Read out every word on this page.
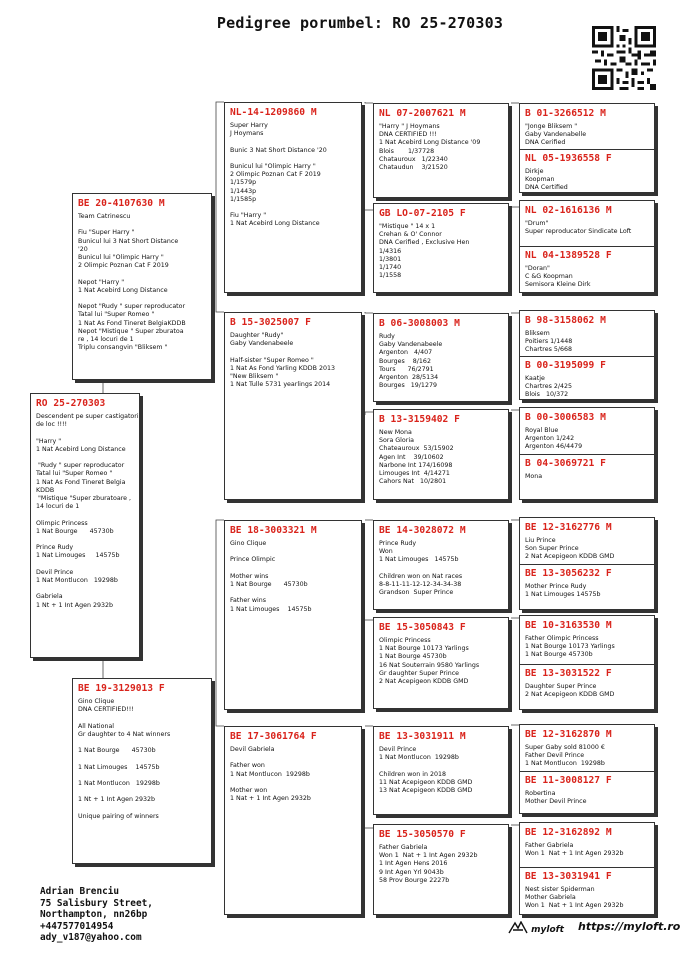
Pedigree porumbel: RO 25-270303
RO 25-270303
Descendent pe super castigatori
de loc !!!!

"Harry "
1 Nat Acebird Long Distance

"Rudy " super reproducator
Tatal lui "Super Romeo "
1 Nat As Fond Tineret Belgia
KDDB
"Mistique "Super zburatoare ,
14 locuri de 1

Olimpic Princess
1 Nat Bourge      45730b

Prince Rudy
1 Nat Limouges     14575b

Devil Prince
1 Nat Montlucon   19298b

Gabriela
1 Nt + 1 Int Agen 2932b
BE 20-4107630 M
Team Catrinescu

Fiu "Super Harry "
Bunicul lui 3 Nat Short Distance
'20
Bunicul lui "Olimpic Harry "
2 Olimpic Poznan Cat F 2019

Nepot "Harry "
1 Nat Acebird Long Distance

Nepot "Rudy " super reproducator
Tatal lui "Super Romeo "
1 Nat As Fond Tineret BelgiaKDDB
Nepot "Mistique " Super zburatoa
re , 14 locuri de 1
Triplu consangvin "Bliksem "
BE 19-3129013 F
Gino Clique
DNA CERTIFIED!!!

All National
Gr daughter to 4 Nat winners

1 Nat Bourge      45730b

1 Nat Limouges    14575b

1 Nat Montlucon   19298b

1 Nt + 1 Int Agen 2932b

Unique pairing of winners
NL-14-1209860 M
Super Harry
J Hoymans

Bunic 3 Nat Short Distance '20

Bunicul lui "Olimpic Harry "
2 Olimpic Poznan Cat F 2019
1/1579p
1/1443p
1/1585p

Fiu "Harry "
1 Nat Acebird Long Distance
B 15-3025007 F
Daughter "Rudy"
Gaby Vandenabeele

Half-sister "Super Romeo "
1 Nat As Fond Yarling KDDB 2013
"New Bliksem "
1 Nat Tulle 5731 yearlings 2014
BE 18-3003321 M
Gino Clique

Prince Olimpic

Mother wins
1 Nat Bourge      45730b

Father wins
1 Nat Limouges    14575b
BE 17-3061764 F
Devil Gabriela

Father won
1 Nat Montlucon  19298b

Mother won
1 Nat + 1 Int Agen 2932b
NL 07-2007621 M
"Harry " J Hoymans
DNA CERTIFIED !!!
1 Nat Acebird Long Distance '09
Blois       1/37728
Chatauroux   1/22340
Chataudun    3/21520
GB LO-07-2105 F
"Mistique " 14 x 1
Crehan & O' Connor
DNA Cerified , Exclusive Hen
1/4316
1/3801
1/1740
1/1558
B 06-3008003 M
Rudy
Gaby Vandenabeele
Argenton   4/407
Bourges    8/162
Tours      76/2791
Argenton  28/5134
Bourges   19/1279
B 13-3159402 F
New Mona
Sora Gloria
Chateauroux  53/15902
Agen Int    39/10602
Narbone Int 174/16098
Limouges Int  4/14271
Cahors Nat   10/2801
BE 14-3028072 M
Prince Rudy
Won
1 Nat Limouges   14575b

Children won on Nat races
8-8-11-11-12-12-34-34-38
Grandson  Super Prince
BE 15-3050843 F
Olimpic Princess
1 Nat Bourge 10173 Yarlings
1 Nat Bourge 45730b
16 Nat Souterrain 9580 Yarlings
Gr daughter Super Prince
2 Nat Acepigeon KDDB GMD
BE 13-3031911 M
Devil Prince
1 Nat Montlucon  19298b

Children won in 2018
11 Nat Acepigeon KDDB GMD
13 Nat Acepigeon KDDB GMD
BE 15-3050570 F
Father Gabriela
Won 1  Nat + 1 Int Agen 2932b
1 Int Agen Hens 2016
9 Int Agen Yrl 9043b
58 Prov Bourge 2227b
B 01-3266512 M
"Jonge Bliksem "
Gaby Vandenabelle
DNA Cerified
NL 05-1936558 F
Dirkje
Koopman
DNA Certified
NL 02-1616136 M
"Drum"
Super reproducator Sindicate Loft
NL 04-1389528 F
"Doran"
C &G Koopman
Semisora Kleine Dirk
B 98-3158062 M
Bliksem
Poitiers 1/1448
Chartres 5/668
B 00-3195099 F
Kaatje
Chartres 2/425
Blois   10/372
B 00-3006583 M
Royal Blue
Argenton 1/242
Argenton 46/4479
B 04-3069721 F
Mona
BE 12-3162776 M
Liu Prince
Son Super Prince
2 Nat Acepigeon KDDB GMD
BE 13-3056232 F
Mother Prince Rudy
1 Nat Limouges 14575b
BE 10-3163530 M
Father Olimpic Princess
1 Nat Bourge 10173 Yarlings
1 Nat Bourge 45730b
BE 13-3031522 F
Daughter Super Prince
2 Nat Acepigeon KDDB GMD
BE 12-3162870 M
Super Gaby sold 81000 €
Father Devil Prince
1 Nat Montlucon  19298b
BE 11-3008127 F
Robertina
Mother Devil Prince
BE 12-3162892 M
Father Gabriela
Won 1  Nat + 1 Int Agen 2932b
BE 13-3031941 F
Nest sister Spiderman
Mother Gabriela
Won 1  Nat + 1 Int Agen 2932b
Adrian Brenciu
75 Salisbury Street,
Northampton, nn26bp
+447577014954
ady_v187@yahoo.com
myloft https://myloft.ro
